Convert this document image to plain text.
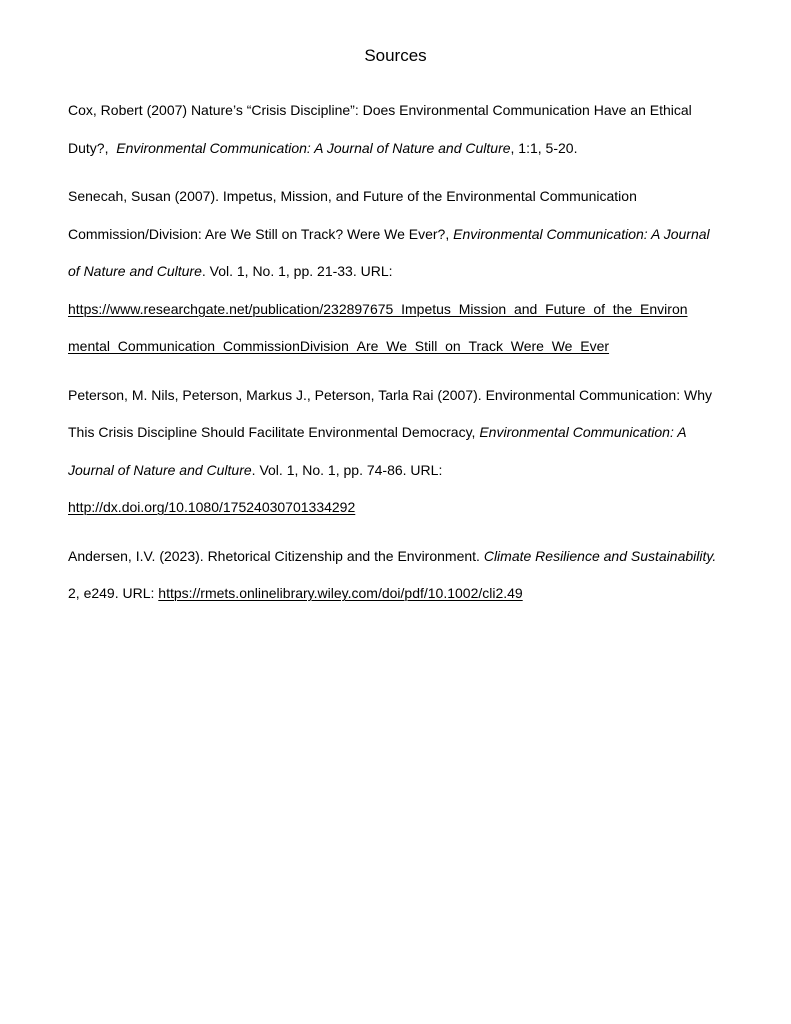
Sources
Cox, Robert (2007) Nature’s “Crisis Discipline”: Does Environmental Communication Have an Ethical
Duty?,  Environmental Communication: A Journal of Nature and Culture, 1:1, 5-20.
Senecah, Susan (2007). Impetus, Mission, and Future of the Environmental Communication
Commission/Division: Are We Still on Track? Were We Ever?, Environmental Communication: A Journal
of Nature and Culture. Vol. 1, No. 1, pp. 21-33. URL:
https://www.researchgate.net/publication/232897675_Impetus_Mission_and_Future_of_the_Environ
mental_Communication_CommissionDivision_Are_We_Still_on_Track_Were_We_Ever
Peterson, M. Nils, Peterson, Markus J., Peterson, Tarla Rai (2007). Environmental Communication: Why
This Crisis Discipline Should Facilitate Environmental Democracy, Environmental Communication: A
Journal of Nature and Culture. Vol. 1, No. 1, pp. 74-86. URL:
http://dx.doi.org/10.1080/17524030701334292
Andersen, I.V. (2023). Rhetorical Citizenship and the Environment. Climate Resilience and Sustainability.
2, e249. URL: https://rmets.onlinelibrary.wiley.com/doi/pdf/10.1002/cli2.49
